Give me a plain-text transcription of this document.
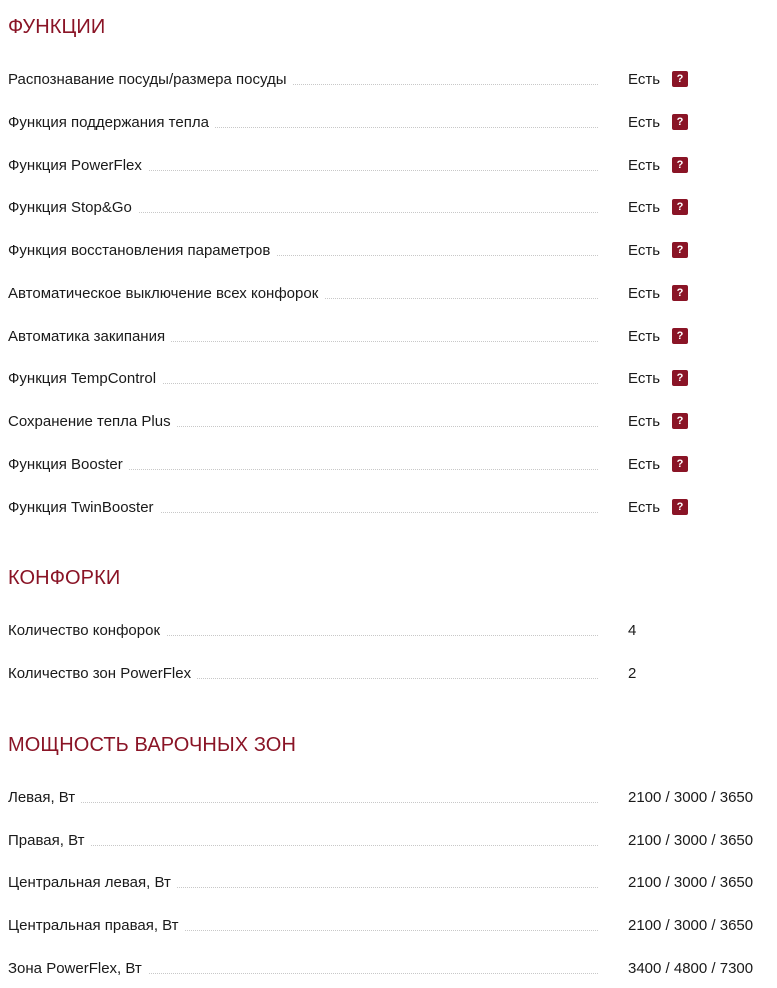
ФУНКЦИИ
Распознавание посуды/размера посуды	Есть	?
Функция поддержания тепла	Есть	?
Функция PowerFlex	Есть	?
Функция Stop&Go	Есть	?
Функция восстановления параметров	Есть	?
Автоматическое выключение всех конфорок	Есть	?
Автоматика закипания	Есть	?
Функция TempControl	Есть	?
Сохранение тепла Plus	Есть	?
Функция Booster	Есть	?
Функция TwinBooster	Есть	?
КОНФОРКИ
Количество конфорок	4
Количество зон PowerFlex	2
МОЩНОСТЬ ВАРОЧНЫХ ЗОН
Левая, Вт	2100 / 3000 / 3650
Правая, Вт	2100 / 3000 / 3650
Центральная левая, Вт	2100 / 3000 / 3650
Центральная правая, Вт	2100 / 3000 / 3650
Зона PowerFlex, Вт	3400 / 4800 / 7300
